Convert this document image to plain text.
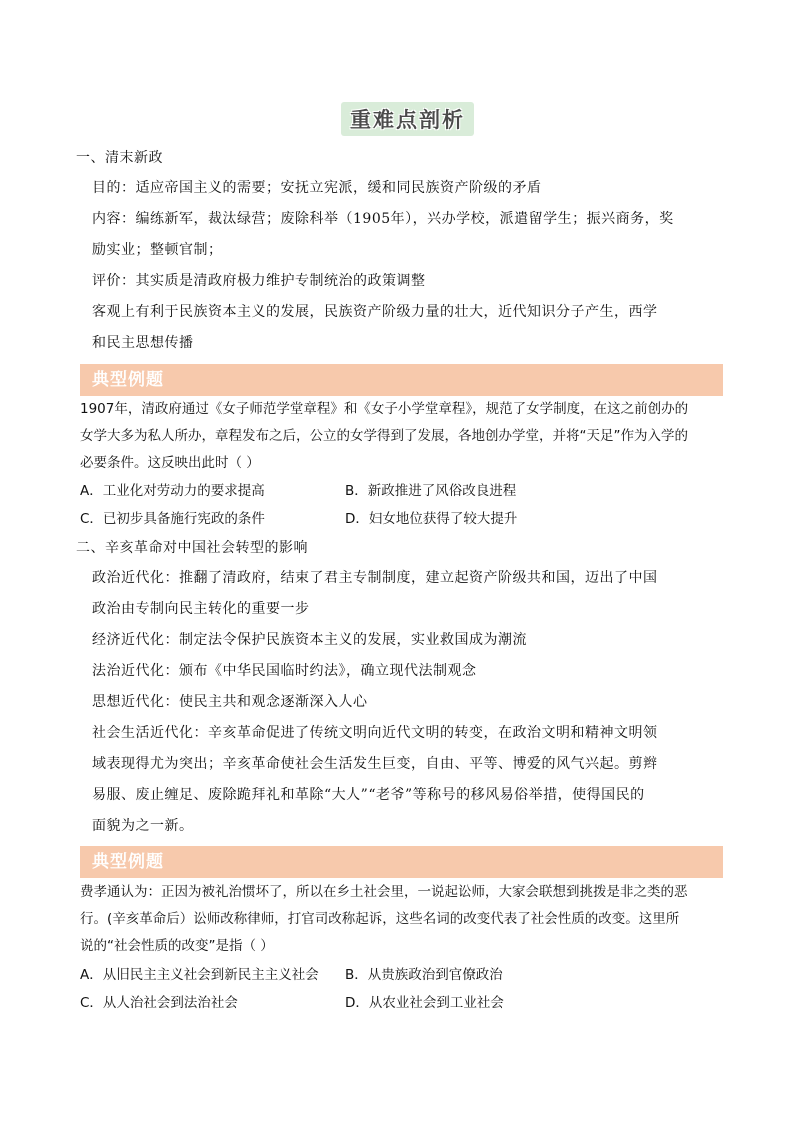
重难点剖析
一、清末新政
目的：适应帝国主义的需要；安抚立宪派，缓和同民族资产阶级的矛盾
内容：编练新军，裁汰绿营；废除科举（1905年），兴办学校，派遣留学生；振兴商务，奖
励实业；整顿官制；
评价：其实质是清政府极力维护专制统治的政策调整
客观上有利于民族资本主义的发展，民族资产阶级力量的壮大，近代知识分子产生，西学
和民主思想传播
典型例题
1907年，清政府通过《女子师范学堂章程》和《女子小学堂章程》，规范了女学制度，在这之前创办的
女学大多为私人所办，章程发布之后，公立的女学得到了发展，各地创办学堂，并将“天足”作为入学的
必要条件。这反映出此时（ ）
A．工业化对劳动力的要求提高	B．新政推进了风俗改良进程
C．已初步具备施行宪政的条件	D．妇女地位获得了较大提升
二、辛亥革命对中国社会转型的影响
政治近代化：推翻了清政府，结束了君主专制制度，建立起资产阶级共和国，迈出了中国
政治由专制向民主转化的重要一步
经济近代化：制定法令保护民族资本主义的发展，实业救国成为潮流
法治近代化：颁布《中华民国临时约法》，确立现代法制观念
思想近代化：使民主共和观念逐渐深入人心
社会生活近代化：辛亥革命促进了传统文明向近代文明的转变，在政治文明和精神文明领
域表现得尤为突出；辛亥革命使社会生活发生巨变，自由、平等、博爱的风气兴起。剪辫
易服、废止缠足、废除跪拜礼和革除“大人”“老爷”等称号的移风易俗举措，使得国民的
面貌为之一新。
典型例题
费孝通认为：正因为被礼治惯坏了，所以在乡土社会里，一说起讼师，大家会联想到挑拨是非之类的恶
行。(辛亥革命后）讼师改称律师，打官司改称起诉，这些名词的改变代表了社会性质的改变。这里所
说的“社会性质的改变”是指（ ）
A．从旧民主主义社会到新民主主义社会 B．从贵族政治到官僚政治
C．从人治社会到法治社会	D．从农业社会到工业社会
